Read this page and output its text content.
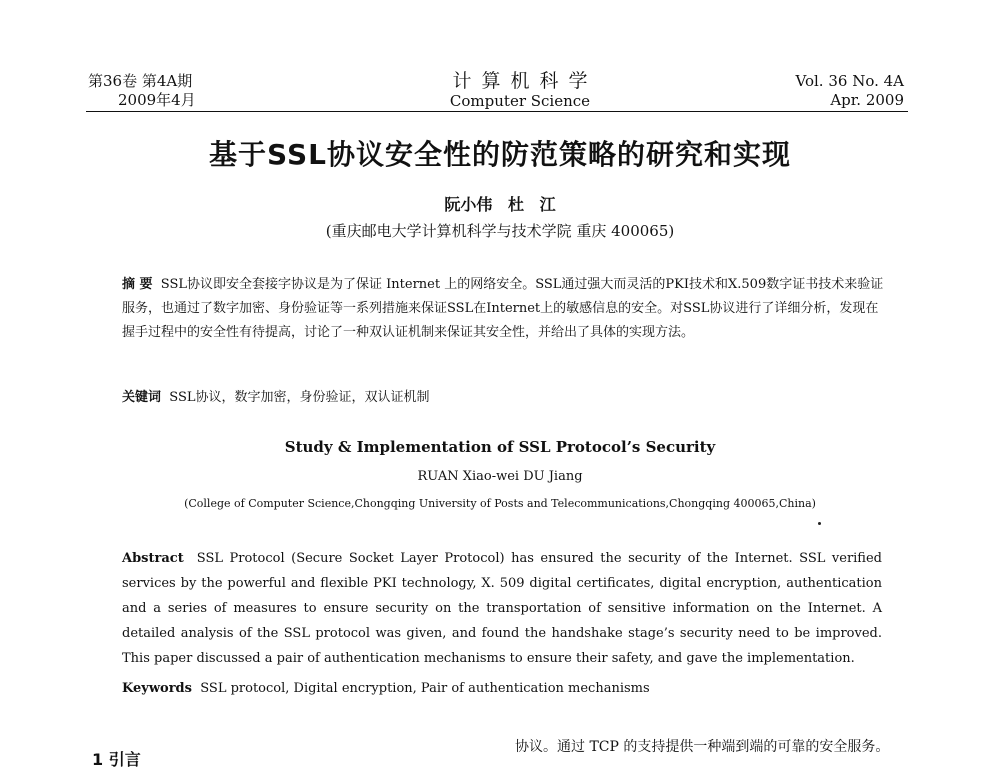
第36卷 第4A期
2009年4月
计算机科学
Computer Science
Vol. 36 No. 4A
Apr. 2009
基于SSL协议安全性的防范策略的研究和实现
阮小伟 杜 江
(重庆邮电大学计算机科学与技术学院 重庆 400065)
摘 要 SSL协议即安全套接字协议是为了保证 Internet 上的网络安全。SSL通过强大而灵活的PKI技术和X.509数字证书技术来验证服务，也通过了数字加密、身份验证等一系列措施来保证SSL在Internet上的敏感信息的安全。对SSL协议进行了详细分析，发现在握手过程中的安全性有待提高，讨论了一种双认证机制来保证其安全性，并给出了具体的实现方法。
关键词 SSL协议，数字加密，身份验证，双认证机制
Study & Implementation of SSL Protocol’s Security
RUAN Xiao-wei DU Jiang
(College of Computer Science,Chongqing University of Posts and Telecommunications,Chongqing 400065,China)
Abstract SSL Protocol (Secure Socket Layer Protocol) has ensured the security of the Internet. SSL verified services by the powerful and flexible PKI technology, X. 509 digital certificates, digital encryption, authentication and a series of measures to ensure security on the transportation of sensitive information on the Internet. A detailed analysis of the SSL protocol was given, and found the handshake stage’s security need to be improved. This paper discussed a pair of authentication mechanisms to ensure their safety, and gave the implementation.
Keywords SSL protocol, Digital encryption, Pair of authentication mechanisms
1 引言
协议。通过 TCP 的支持提供一种端到端的可靠的安全服务。
